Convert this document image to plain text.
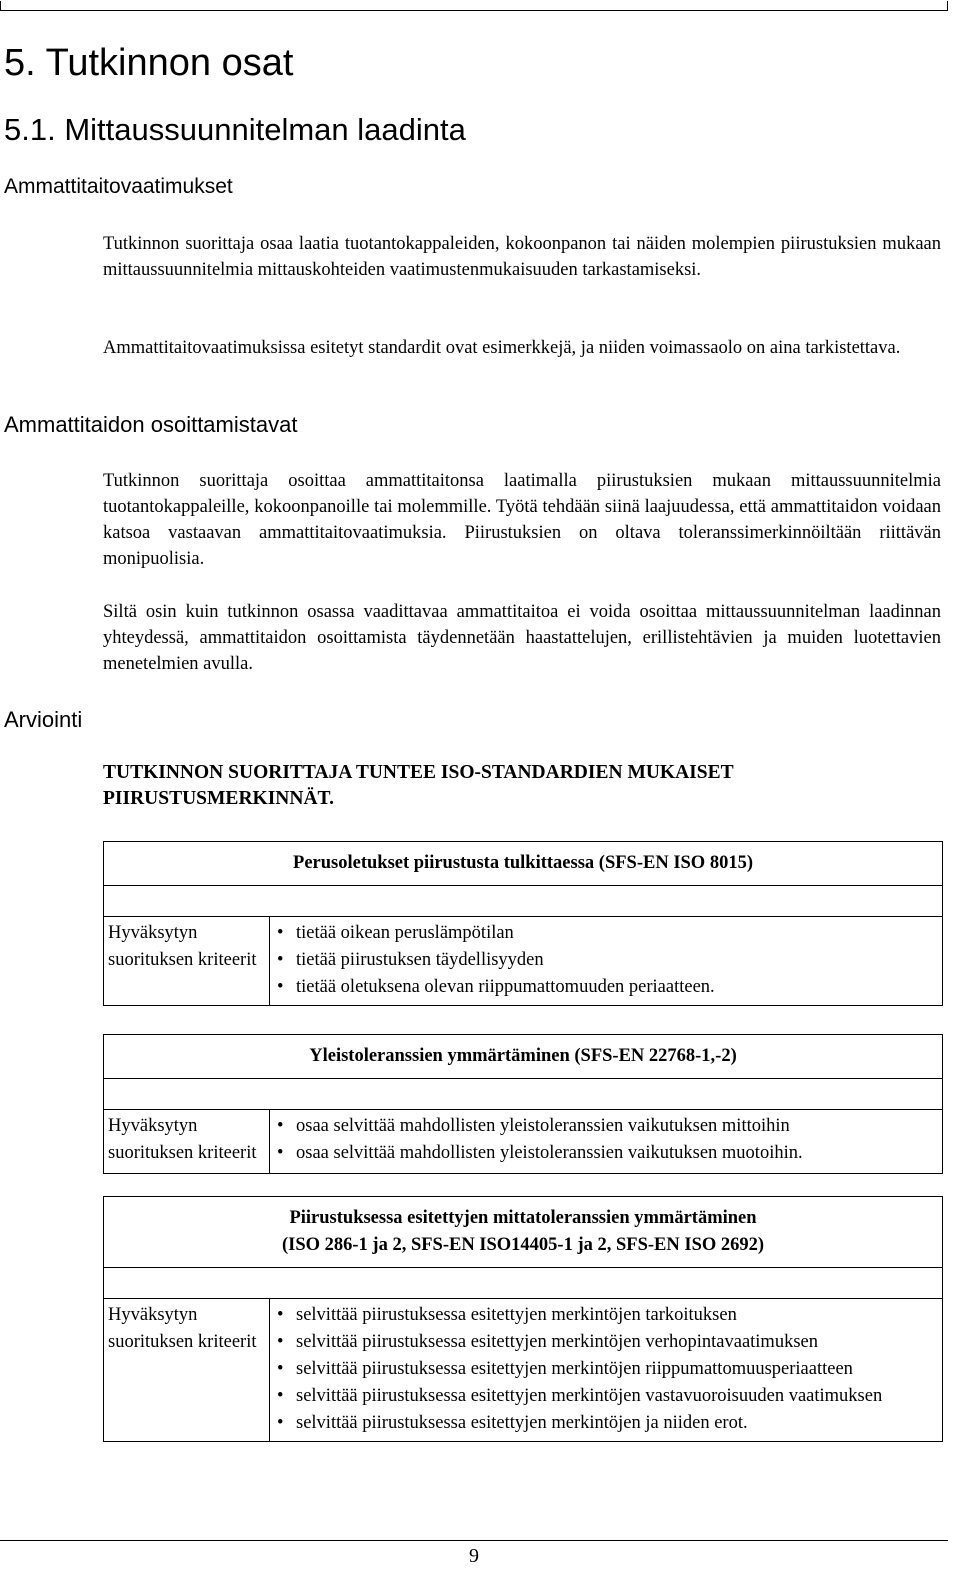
5. Tutkinnon osat
5.1. Mittaussuunnitelman laadinta
Ammattitaitovaatimukset

Tutkinnon suorittaja osaa laatia tuotantokappaleiden, kokoonpanon tai näiden molempien piirustuksien mukaan mittaussuunnitelmia mittauskohteiden vaatimustenmukaisuuden tarkastamiseksi.

Ammattitaitovaatimuksissa esitetyt standardit ovat esimerkkejä, ja niiden voimassaolo on aina tarkistettava.

Ammattitaidon osoittamistavat

Tutkinnon suorittaja osoittaa ammattitaitonsa laatimalla piirustuksien mukaan mittaussuunnitelmia tuotantokappaleille, kokoonpanoille tai molemmille. Työtä tehdään siinä laajuudessa, että ammattitaidon voidaan katsoa vastaavan ammattitaitovaatimuksia. Piirustuksien on oltava toleranssimerkinnöiltään riittävän monipuolisia.

Siltä osin kuin tutkinnon osassa vaadittavaa ammattitaitoa ei voida osoittaa mittaussuunnitelman laadinnan yhteydessä, ammattitaidon osoittamista täydennetään haastattelujen, erillistehtävien ja muiden luotettavien menetelmien avulla.

Arviointi

TUTKINNON SUORITTAJA TUNTEE ISO-STANDARDIEN MUKAISET PIIRUSTUSMERKINNÄT.

Perusoletukset piirustusta tulkittaessa (SFS-EN ISO 8015)

Hyväksytyn suorituksen kriteerit	
• tietää oikean peruslämpötilan
• tietää piirustuksen täydellisyyden
• tietää oletuksena olevan riippumattomuuden periaatteen.
Yleistoleranssien ymmärtäminen (SFS-EN 22768-1,-2)

Hyväksytyn suorituksen kriteerit	
• osaa selvittää mahdollisten yleistoleranssien vaikutuksen mittoihin
• osaa selvittää mahdollisten yleistoleranssien vaikutuksen muotoihin.
Piirustuksessa esitettyjen mittatoleranssien ymmärtäminen
(ISO 286-1 ja 2, SFS-EN ISO14405-1 ja 2, SFS-EN ISO 2692)

Hyväksytyn suorituksen kriteerit	
• selvittää piirustuksessa esitettyjen merkintöjen tarkoituksen
• selvittää piirustuksessa esitettyjen merkintöjen verhopintavaatimuksen
• selvittää piirustuksessa esitettyjen merkintöjen riippumattomuusperiaatteen
• selvittää piirustuksessa esitettyjen merkintöjen vastavuoroisuuden vaatimuksen
• selvittää piirustuksessa esitettyjen merkintöjen ja niiden erot.
9
